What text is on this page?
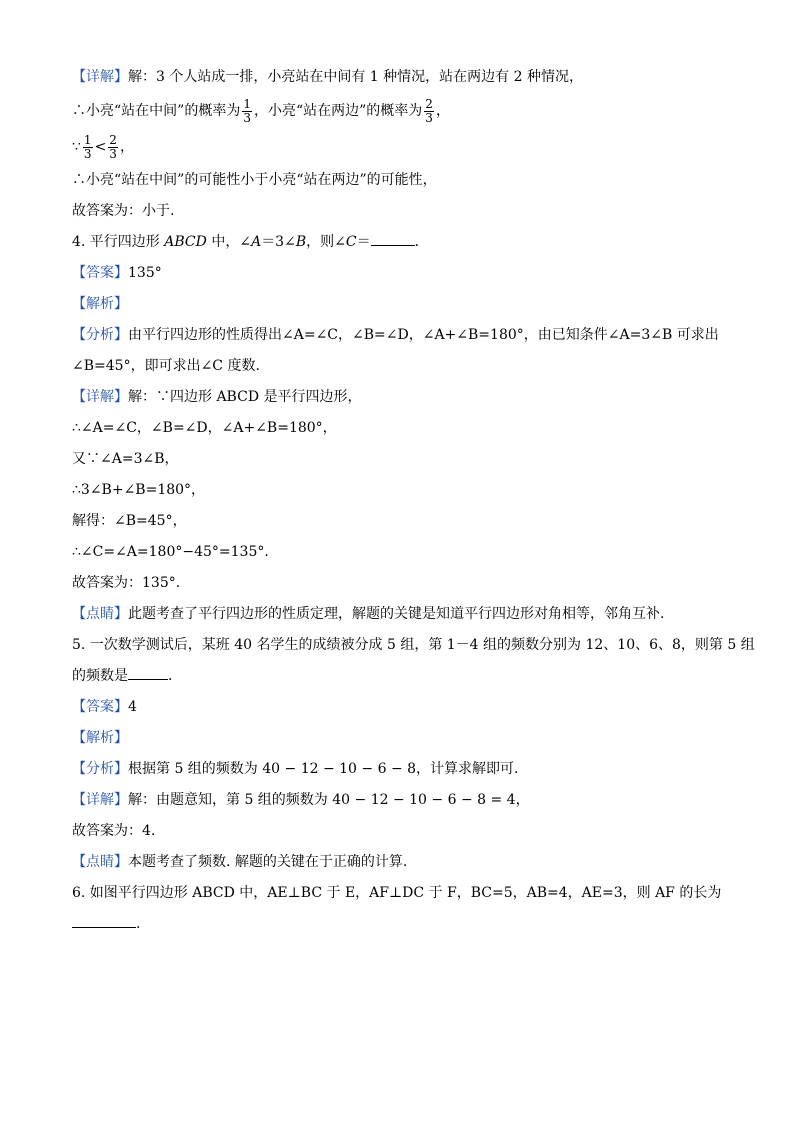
【详解】解：3 个人站成一排，小亮站在中间有 1 种情况，站在两边有 2 种情况，
∴小亮“站在中间”的概率为 $\frac{1}{3}$ ，小亮“站在两边”的概率为 $\frac{2}{3}$ ，
∵ $\frac{1}{3} < \frac{2}{3}$ ，
∴小亮“站在中间”的可能性小于小亮“站在两边”的可能性，
故答案为：小于.
4. 平行四边形 ABCD 中，∠A＝3∠B，则∠C＝	．
【答案】135°
【解析】
【分析】由平行四边形的性质得出∠A=∠C，∠B=∠D，∠A+∠B=180°，由已知条件∠A=3∠B 可求出
∠B=45°，即可求出∠C 度数.
【详解】解：∵四边形 ABCD 是平行四边形，
∴∠A=∠C，∠B=∠D，∠A+∠B=180°，
又∵∠A=3∠B，
∴3∠B+∠B=180°，
解得：∠B=45°，
∴∠C=∠A=180°−45°=135°.
故答案为：135°.
【点睛】此题考查了平行四边形的性质定理，解题的关键是知道平行四边形对角相等，邻角互补.
5. 一次数学测试后，某班 40 名学生的成绩被分成 5 组，第 1－4 组的频数分别为 12、10、6、8，则第 5 组
的频数是	．
【答案】4
【解析】
【分析】根据第 5 组的频数为 40 − 12 − 10 − 6 − 8，计算求解即可.
【详解】解：由题意知，第 5 组的频数为 40 − 12 − 10 − 6 − 8 = 4，
故答案为：4.
【点睛】本题考查了频数. 解题的关键在于正确的计算.
6. 如图平行四边形 ABCD 中，AE⊥BC 于 E，AF⊥DC 于 F，BC=5，AB=4，AE=3，则 AF 的长为
.
